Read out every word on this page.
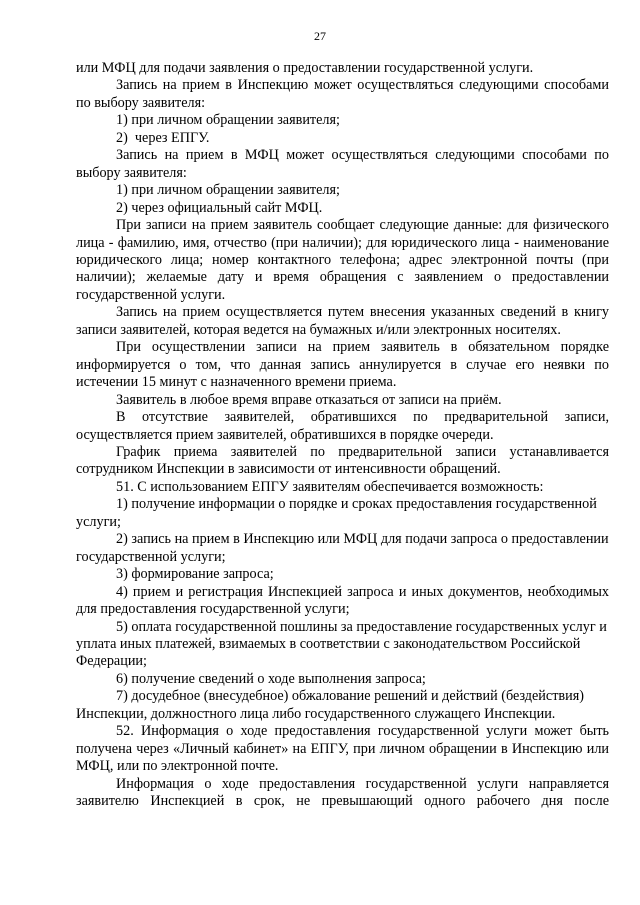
27

или МФЦ для подачи заявления о предоставлении государственной услуги.

Запись на прием в Инспекцию может осуществляться следующими способами по выбору заявителя:

1) при личном обращении заявителя;

2)  через ЕПГУ.

Запись на прием в МФЦ может осуществляться следующими способами по выбору заявителя:

1) при личном обращении заявителя;

2) через официальный сайт МФЦ.

При записи на прием заявитель сообщает следующие данные: для физического лица - фамилию, имя, отчество (при наличии); для юридического лица - наименование юридического лица; номер контактного телефона; адрес электронной почты (при наличии); желаемые дату и время обращения с заявлением о предоставлении государственной услуги.

Запись на прием осуществляется путем внесения указанных сведений в книгу записи заявителей, которая ведется на бумажных и/или электронных носителях.

При осуществлении записи на прием заявитель в обязательном порядке информируется о том, что данная запись аннулируется в случае его неявки по истечении 15 минут с назначенного времени приема.

Заявитель в любое время вправе отказаться от записи на приём.

В отсутствие заявителей, обратившихся по предварительной записи, осуществляется прием заявителей, обратившихся в порядке очереди.

График приема заявителей по предварительной записи устанавливается сотрудником Инспекции в зависимости от интенсивности обращений.

51. С использованием ЕПГУ заявителям обеспечивается возможность:

1) получение информации о порядке и сроках предоставления государственной услуги;

2) запись на прием в Инспекцию или МФЦ для подачи запроса о предоставлении государственной услуги;

3) формирование запроса;

4) прием и регистрация Инспекцией запроса и иных документов, необходимых для предоставления государственной услуги;

5) оплата государственной пошлины за предоставление государственных услуг и уплата иных платежей, взимаемых в соответствии с законодательством Российской Федерации;

6) получение сведений о ходе выполнения запроса;

7) досудебное (внесудебное) обжалование решений и действий (бездействия) Инспекции, должностного лица либо государственного служащего Инспекции.

52. Информация о ходе предоставления государственной услуги может быть получена через «Личный кабинет» на ЕПГУ, при личном обращении в Инспекцию или МФЦ, или по электронной почте.

Информация о ходе предоставления государственной услуги направляется заявителю Инспекцией в срок, не превышающий одного рабочего дня после
